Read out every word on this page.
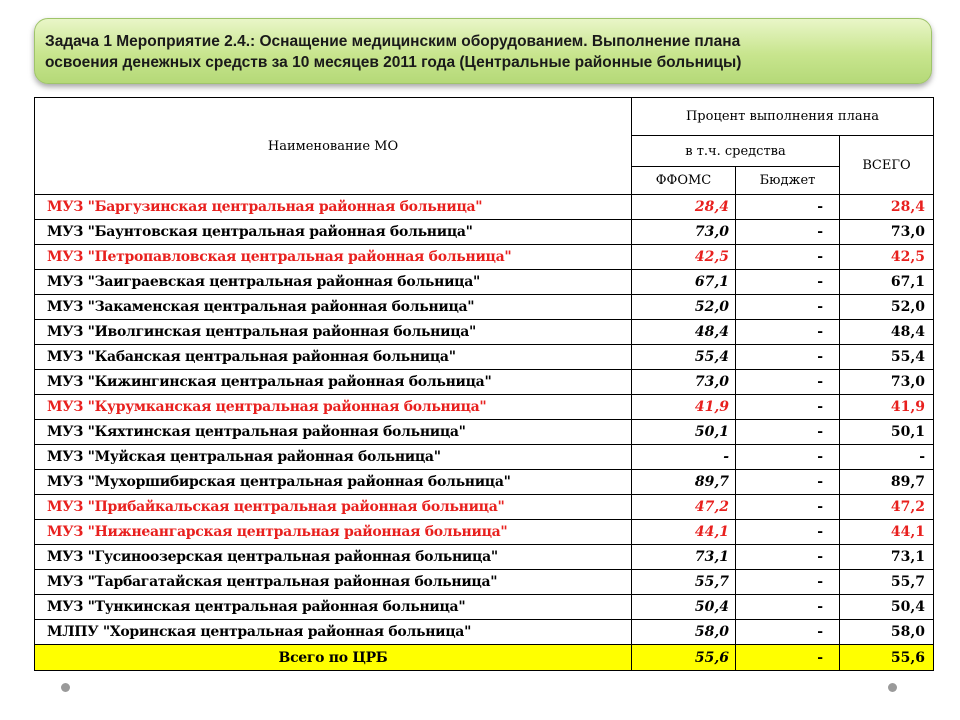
Задача 1 Мероприятие 2.4.: Оснащение медицинским оборудованием. Выполнение плана
освоения денежных средств за 10 месяцев 2011 года (Центральные районные больницы)
Наименование МО	Процент выполнения плана		
	в т.ч. средства		ВСЕГО
	ФФОМС	Бюджет	
МУЗ "Баргузинская центральная районная больница"	28,4	-	28,4
МУЗ "Баунтовская центральная районная больница"	73,0	-	73,0
МУЗ "Петропавловская центральная районная больница"	42,5	-	42,5
МУЗ "Заиграевская центральная районная больница"	67,1	-	67,1
МУЗ "Закаменская центральная районная больница"	52,0	-	52,0
МУЗ "Иволгинская центральная районная больница"	48,4	-	48,4
МУЗ "Кабанская центральная районная больница"	55,4	-	55,4
МУЗ "Кижингинская центральная районная больница"	73,0	-	73,0
МУЗ "Курумканская центральная районная больница"	41,9	-	41,9
МУЗ "Кяхтинская центральная районная больница"	50,1	-	50,1
МУЗ "Муйская центральная районная больница"	-	-	-
МУЗ "Мухоршибирская центральная районная больница"	89,7	-	89,7
МУЗ "Прибайкальская центральная районная больница"	47,2	-	47,2
МУЗ "Нижнеангарская центральная районная больница"	44,1	-	44,1
МУЗ "Гусиноозерская центральная районная больница"	73,1	-	73,1
МУЗ "Тарбагатайская центральная районная больница"	55,7	-	55,7
МУЗ "Тункинская центральная районная больница"	50,4	-	50,4
МЛПУ "Хоринская центральная районная больница"	58,0	-	58,0
Всего по ЦРБ	55,6	-	55,6
